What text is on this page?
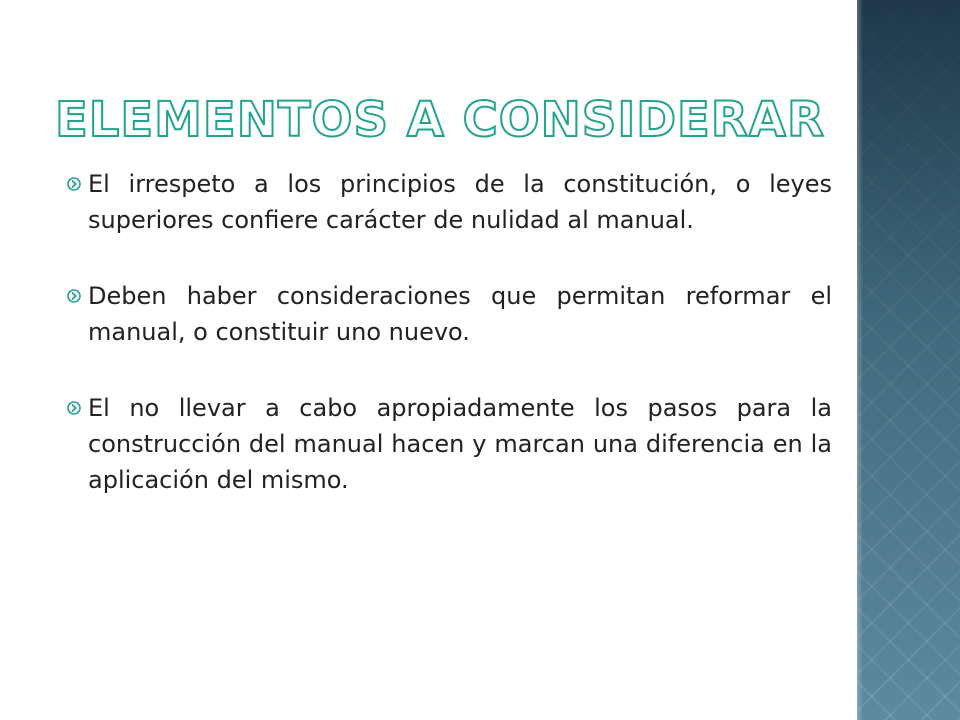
ELEMENTOS A CONSIDERAR

El irrespeto a los principios de la constitución, o leyes superiores confiere carácter de nulidad al manual.

Deben haber consideraciones que permitan reformar el manual, o constituir uno nuevo.

El no llevar a cabo apropiadamente los pasos para la construcción del manual hacen y marcan una diferencia en la aplicación del mismo.
